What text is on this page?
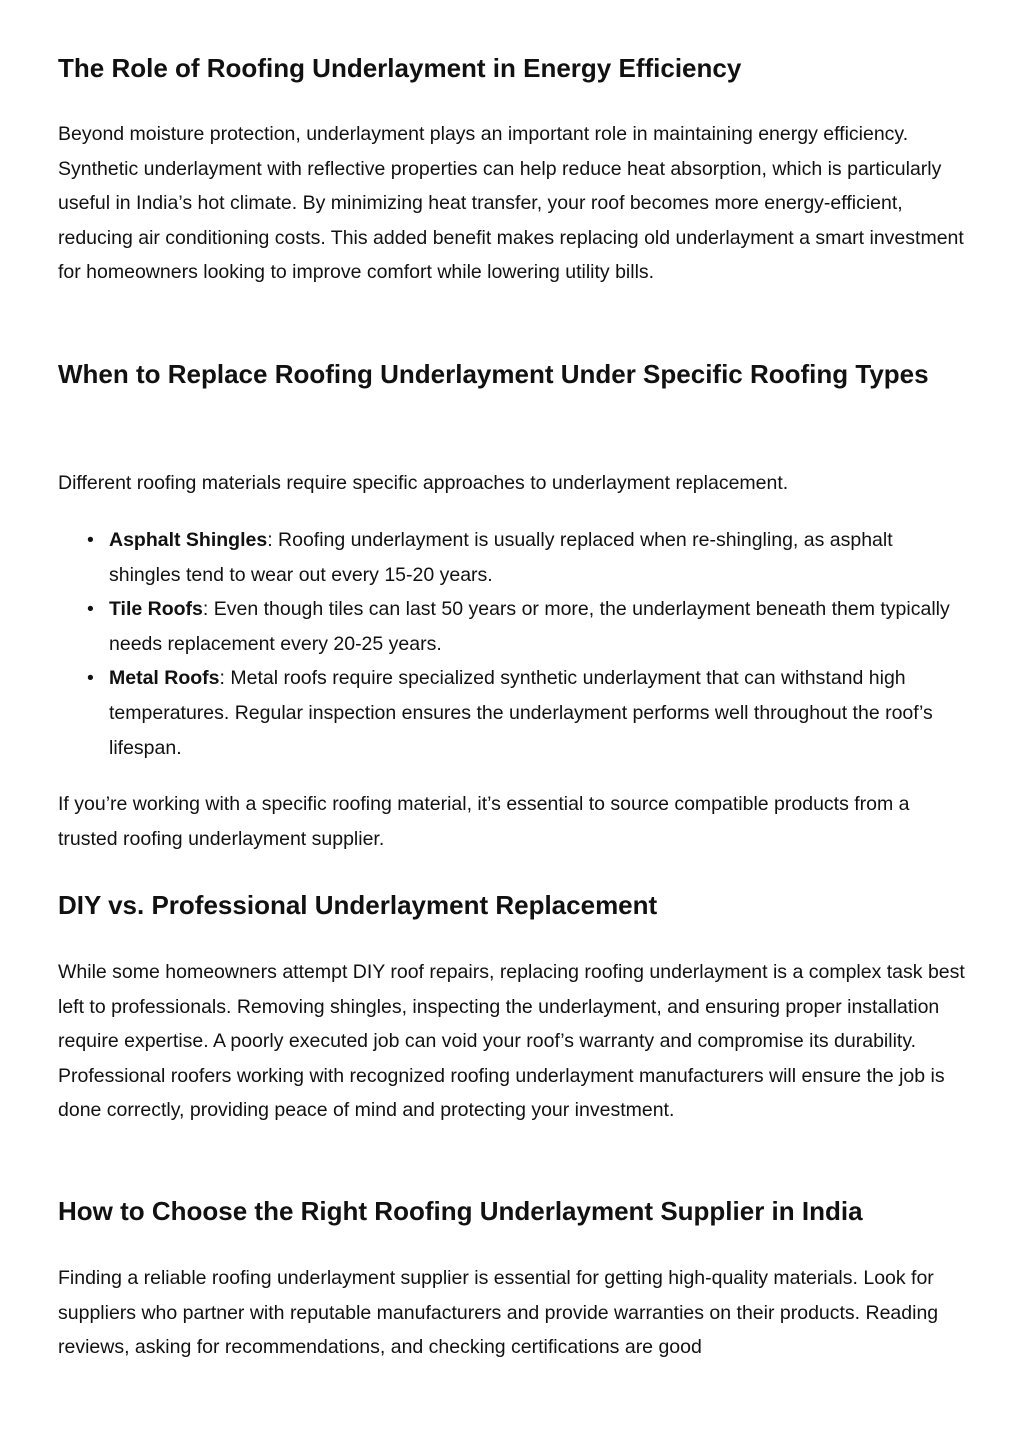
The Role of Roofing Underlayment in Energy Efficiency

Beyond moisture protection, underlayment plays an important role in maintaining energy efficiency. Synthetic underlayment with reflective properties can help reduce heat absorption, which is particularly useful in India’s hot climate. By minimizing heat transfer, your roof becomes more energy-efficient, reducing air conditioning costs. This added benefit makes replacing old underlayment a smart investment for homeowners looking to improve comfort while lowering utility bills.

When to Replace Roofing Underlayment Under Specific Roofing Types

Different roofing materials require specific approaches to underlayment replacement.

• Asphalt Shingles: Roofing underlayment is usually replaced when re-shingling, as asphalt shingles tend to wear out every 15-20 years.
• Tile Roofs: Even though tiles can last 50 years or more, the underlayment beneath them typically needs replacement every 20-25 years.
• Metal Roofs: Metal roofs require specialized synthetic underlayment that can withstand high temperatures. Regular inspection ensures the underlayment performs well throughout the roof’s lifespan.

If you’re working with a specific roofing material, it’s essential to source compatible products from a trusted roofing underlayment supplier.

DIY vs. Professional Underlayment Replacement

While some homeowners attempt DIY roof repairs, replacing roofing underlayment is a complex task best left to professionals. Removing shingles, inspecting the underlayment, and ensuring proper installation require expertise. A poorly executed job can void your roof’s warranty and compromise its durability. Professional roofers working with recognized roofing underlayment manufacturers will ensure the job is done correctly, providing peace of mind and protecting your investment.

How to Choose the Right Roofing Underlayment Supplier in India

Finding a reliable roofing underlayment supplier is essential for getting high-quality materials. Look for suppliers who partner with reputable manufacturers and provide warranties on their products. Reading reviews, asking for recommendations, and checking certifications are good
